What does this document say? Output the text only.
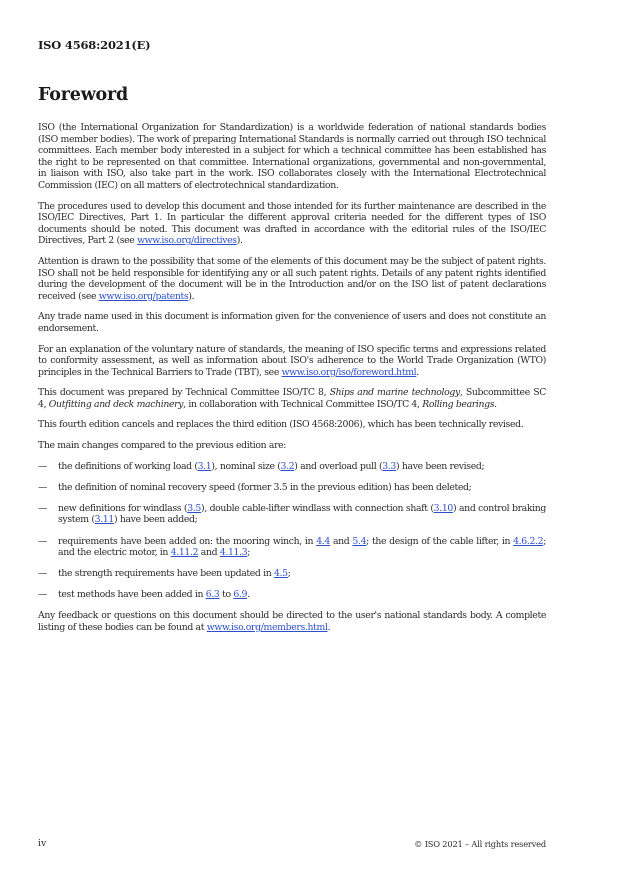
ISO 4568:2021(E)
Foreword

ISO (the International Organization for Standardization) is a worldwide federation of national standards bodies (ISO member bodies). The work of preparing International Standards is normally carried out through ISO technical committees. Each member body interested in a subject for which a technical committee has been established has the right to be represented on that committee. International organizations, governmental and non-governmental, in liaison with ISO, also take part in the work. ISO collaborates closely with the International Electrotechnical Commission (IEC) on all matters of electrotechnical standardization.

The procedures used to develop this document and those intended for its further maintenance are described in the ISO/IEC Directives, Part 1. In particular the different approval criteria needed for the different types of ISO documents should be noted. This document was drafted in accordance with the editorial rules of the ISO/IEC Directives, Part 2 (see www.iso.org/directives).

Attention is drawn to the possibility that some of the elements of this document may be the subject of patent rights. ISO shall not be held responsible for identifying any or all such patent rights. Details of any patent rights identified during the development of the document will be in the Introduction and/or on the ISO list of patent declarations received (see www.iso.org/patents).

Any trade name used in this document is information given for the convenience of users and does not constitute an endorsement.

For an explanation of the voluntary nature of standards, the meaning of ISO specific terms and expressions related to conformity assessment, as well as information about ISO's adherence to the World Trade Organization (WTO) principles in the Technical Barriers to Trade (TBT), see www.iso.org/iso/foreword.html.

This document was prepared by Technical Committee ISO/TC 8, Ships and marine technology, Subcommittee SC 4, Outfitting and deck machinery, in collaboration with Technical Committee ISO/TC 4, Rolling bearings.

This fourth edition cancels and replaces the third edition (ISO 4568:2006), which has been technically revised.

The main changes compared to the previous edition are:

— the definitions of working load (3.1), nominal size (3.2) and overload pull (3.3) have been revised;
— the definition of nominal recovery speed (former 3.5 in the previous edition) has been deleted;
— new definitions for windlass (3.5), double cable-lifter windlass with connection shaft (3.10) and control braking system (3.11) have been added;
— requirements have been added on: the mooring winch, in 4.4 and 5.4; the design of the cable lifter, in 4.6.2.2; and the electric motor, in 4.11.2 and 4.11.3;
— the strength requirements have been updated in 4.5;
— test methods have been added in 6.3 to 6.9.

Any feedback or questions on this document should be directed to the user's national standards body. A complete listing of these bodies can be found at www.iso.org/members.html.

iv	© ISO 2021 – All rights reserved
